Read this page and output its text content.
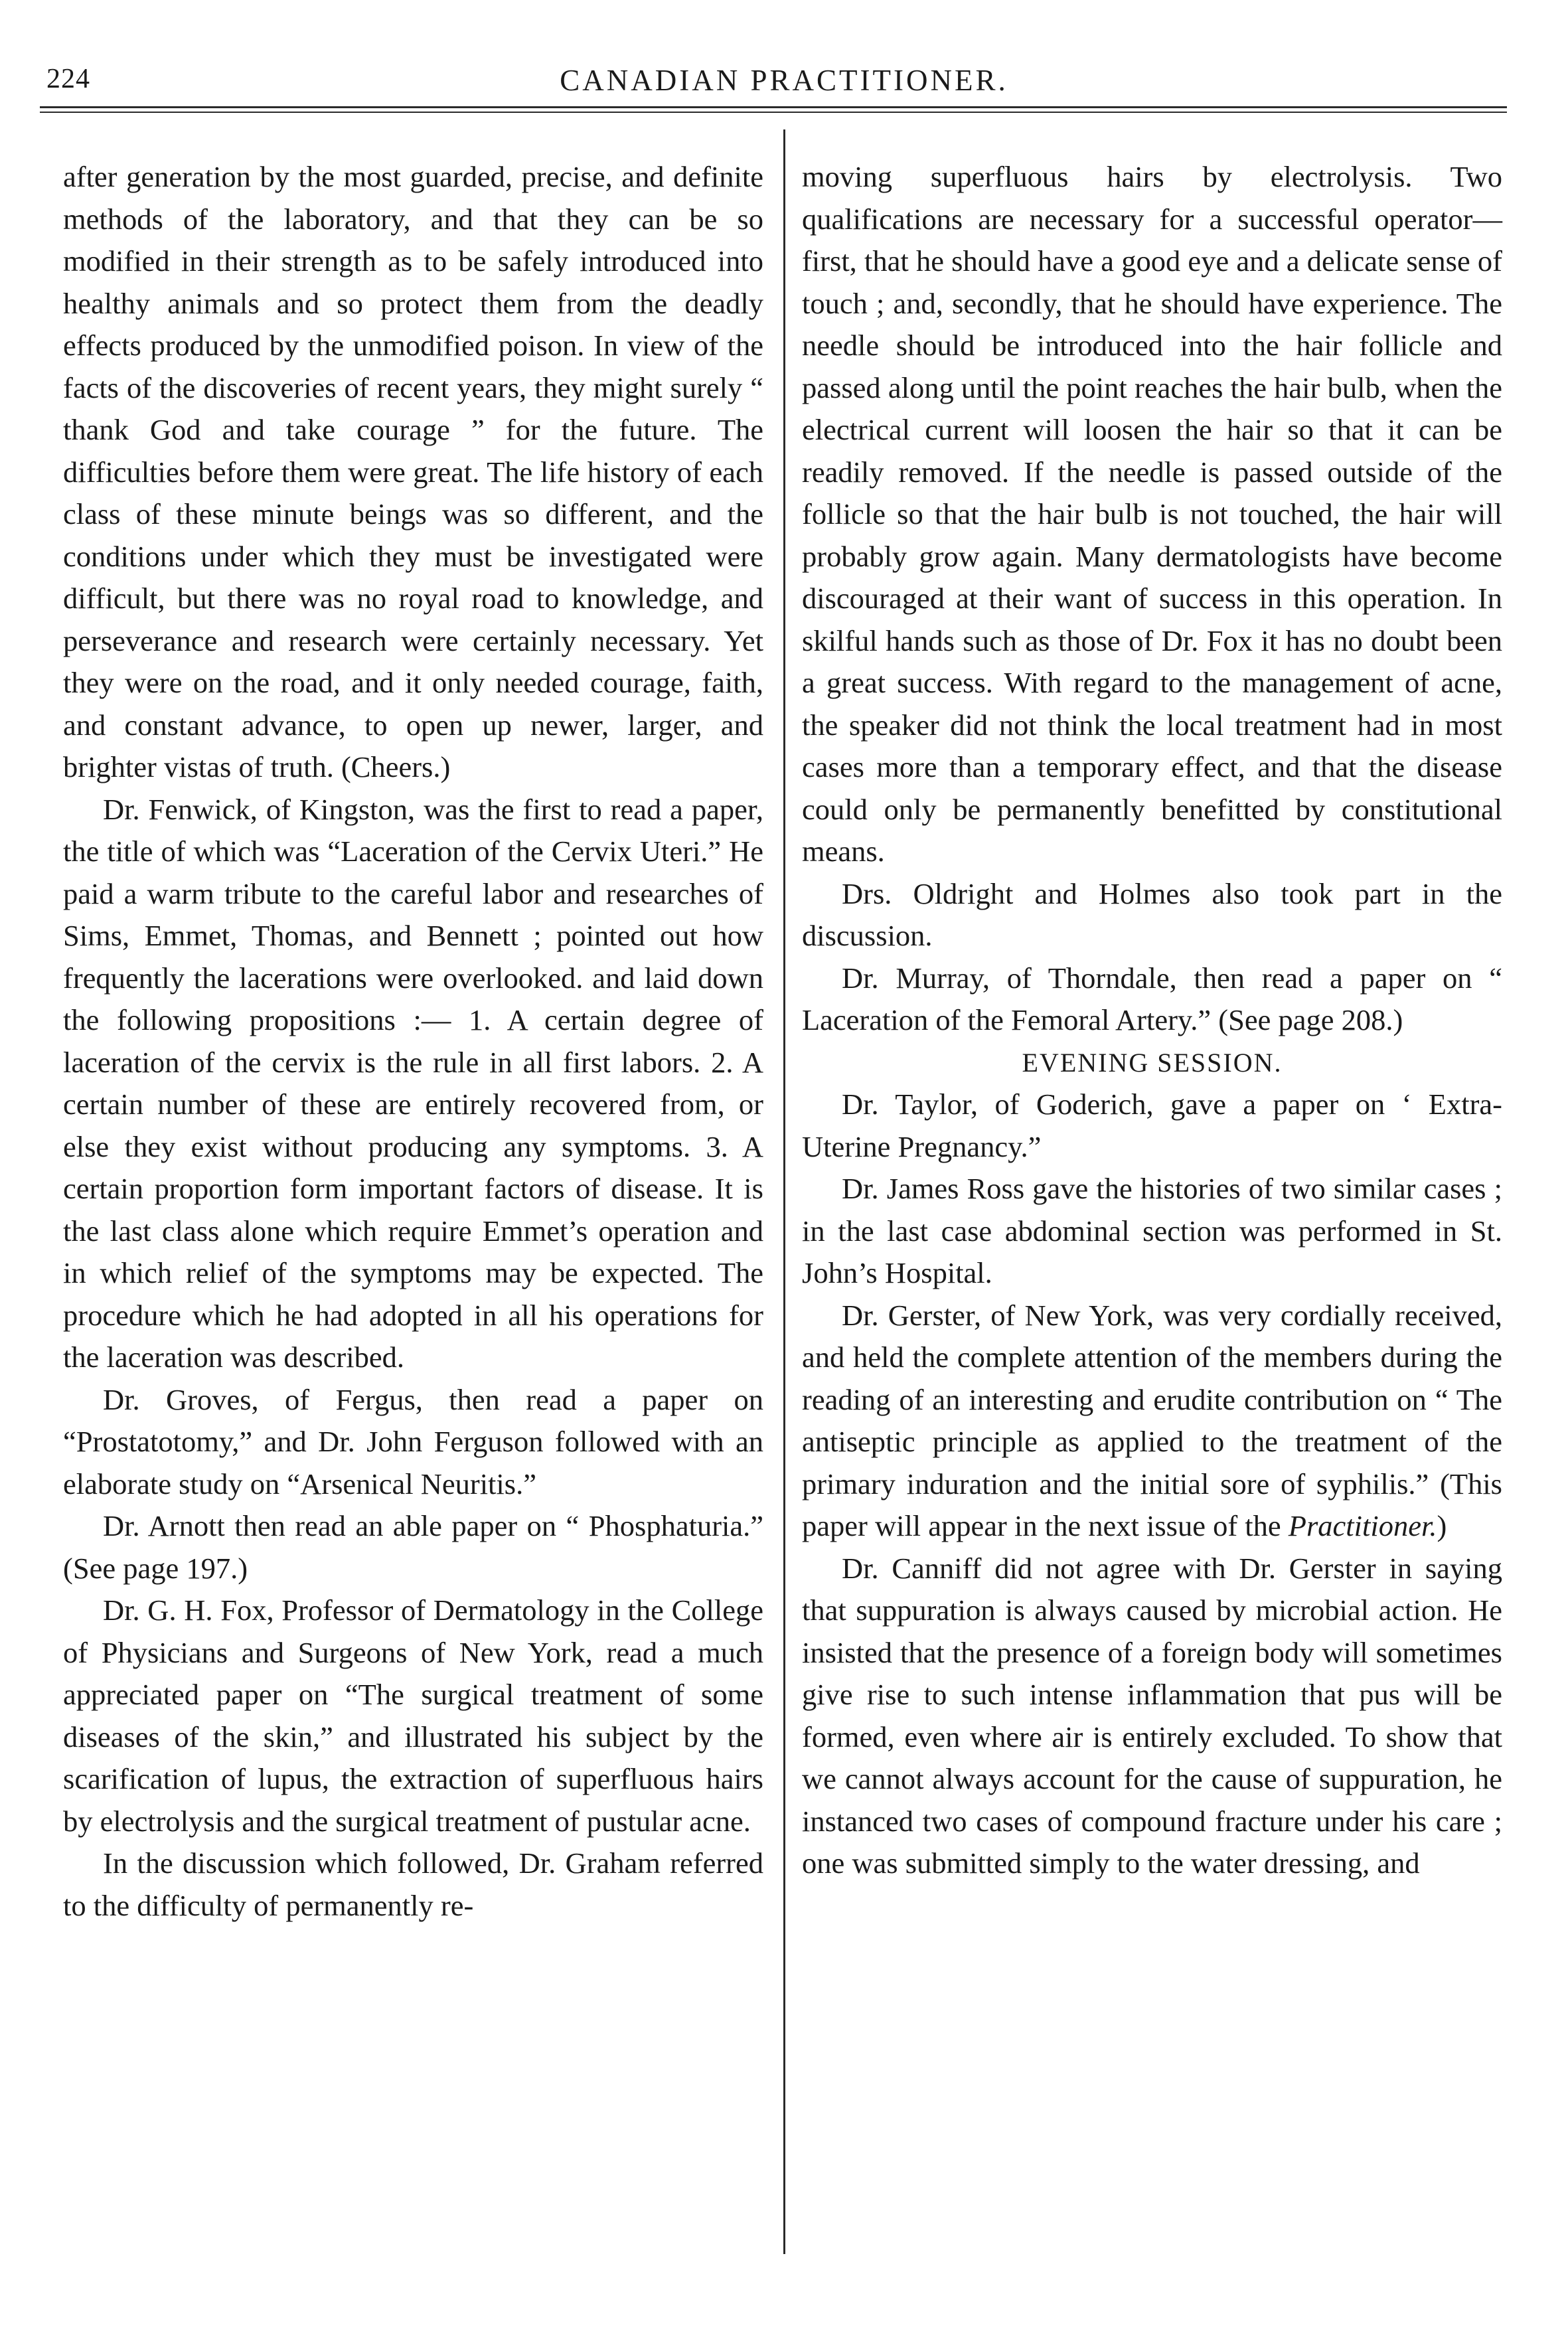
224	CANADIAN PRACTITIONER.

after generation by the most guarded, precise, and definite methods of the laboratory, and that they can be so modified in their strength as to be safely introduced into healthy animals and so protect them from the deadly effects produced by the unmodified poison. In view of the facts of the discoveries of recent years, they might surely “ thank God and take courage ” for the future. The difficulties before them were great. The life history of each class of these minute beings was so different, and the conditions under which they must be investigated were difficult, but there was no royal road to knowledge, and perseverance and research were certainly necessary. Yet they were on the road, and it only needed courage, faith, and constant advance, to open up newer, larger, and brighter vistas of truth. (Cheers.)

Dr. Fenwick, of Kingston, was the first to read a paper, the title of which was “Laceration of the Cervix Uteri.” He paid a warm tribute to the careful labor and researches of Sims, Emmet, Thomas, and Bennett ; pointed out how frequently the lacerations were overlooked. and laid down the following propositions :— 1. A certain degree of laceration of the cervix is the rule in all first labors. 2. A certain number of these are entirely recovered from, or else they exist without producing any symptoms. 3. A certain proportion form important factors of disease. It is the last class alone which require Emmet’s operation and in which relief of the symptoms may be expected. The procedure which he had adopted in all his operations for the laceration was described.

Dr. Groves, of Fergus, then read a paper on “Prostatotomy,” and Dr. John Ferguson followed with an elaborate study on “Arsenical Neuritis.”

Dr. Arnott then read an able paper on “ Phosphaturia.” (See page 197.)

Dr. G. H. Fox, Professor of Dermatology in the College of Physicians and Surgeons of New York, read a much appreciated paper on “The surgical treatment of some diseases of the skin,” and illustrated his subject by the scarification of lupus, the extraction of superfluous hairs by electrolysis and the surgical treatment of pustular acne.

In the discussion which followed, Dr. Graham referred to the difficulty of permanently re-

moving superfluous hairs by electrolysis. Two qualifications are necessary for a successful operator—first, that he should have a good eye and a delicate sense of touch ; and, secondly, that he should have experience. The needle should be introduced into the hair follicle and passed along until the point reaches the hair bulb, when the electrical current will loosen the hair so that it can be readily removed. If the needle is passed outside of the follicle so that the hair bulb is not touched, the hair will probably grow again. Many dermatologists have become discouraged at their want of success in this operation. In skilful hands such as those of Dr. Fox it has no doubt been a great success. With regard to the management of acne, the speaker did not think the local treatment had in most cases more than a temporary effect, and that the disease could only be permanently benefitted by constitutional means.

Drs. Oldright and Holmes also took part in the discussion.

Dr. Murray, of Thorndale, then read a paper on “ Laceration of the Femoral Artery.” (See page 208.)

EVENING SESSION.

Dr. Taylor, of Goderich, gave a paper on ‘ Extra-Uterine Pregnancy.”

Dr. James Ross gave the histories of two similar cases ; in the last case abdominal section was performed in St. John’s Hospital.

Dr. Gerster, of New York, was very cordially received, and held the complete attention of the members during the reading of an interesting and erudite contribution on “ The antiseptic principle as applied to the treatment of the primary induration and the initial sore of syphilis.” (This paper will appear in the next issue of the Practitioner.)

Dr. Canniff did not agree with Dr. Gerster in saying that suppuration is always caused by microbial action. He insisted that the presence of a foreign body will sometimes give rise to such intense inflammation that pus will be formed, even where air is entirely excluded. To show that we cannot always account for the cause of suppuration, he instanced two cases of compound fracture under his care ; one was submitted simply to the water dressing, and
